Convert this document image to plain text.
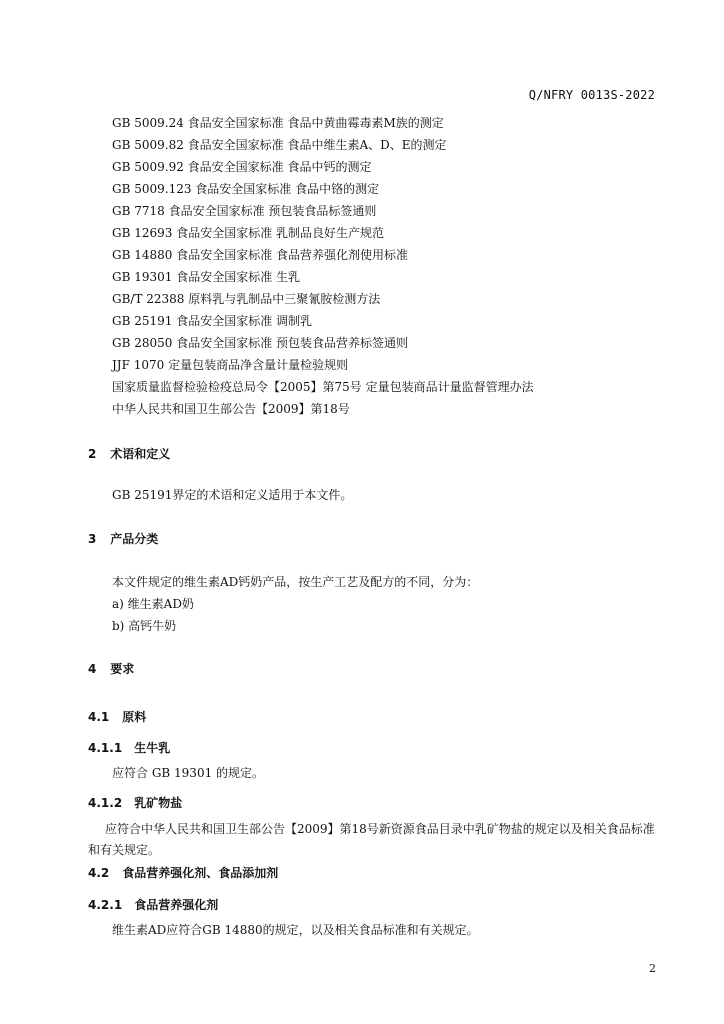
Q/NFRY 0013S-2022
GB 5009.24 食品安全国家标准 食品中黄曲霉毒素M族的测定
GB 5009.82 食品安全国家标准 食品中维生素A、D、E的测定
GB 5009.92 食品安全国家标准 食品中钙的测定
GB 5009.123 食品安全国家标准 食品中铬的测定
GB 7718 食品安全国家标准 预包装食品标签通则
GB 12693 食品安全国家标准 乳制品良好生产规范
GB 14880 食品安全国家标准 食品营养强化剂使用标准
GB 19301 食品安全国家标准 生乳
GB/T 22388 原料乳与乳制品中三聚氰胺检测方法
GB 25191 食品安全国家标准 调制乳
GB 28050 食品安全国家标准 预包装食品营养标签通则
JJF 1070 定量包装商品净含量计量检验规则
国家质量监督检验检疫总局令【2005】第75号 定量包装商品计量监督管理办法
中华人民共和国卫生部公告【2009】第18号
2 术语和定义
GB 25191界定的术语和定义适用于本文件。
3 产品分类
本文件规定的维生素AD钙奶产品，按生产工艺及配方的不同，分为：
a) 维生素AD奶
b) 高钙牛奶
4 要求
4.1 原料
4.1.1 生牛乳
应符合 GB 19301 的规定。
4.1.2 乳矿物盐
应符合中华人民共和国卫生部公告【2009】第18号新资源食品目录中乳矿物盐的规定以及相关食品标准和有关规定。
4.2 食品营养强化剂、食品添加剂
4.2.1 食品营养强化剂
维生素AD应符合GB 14880的规定，以及相关食品标准和有关规定。
2
